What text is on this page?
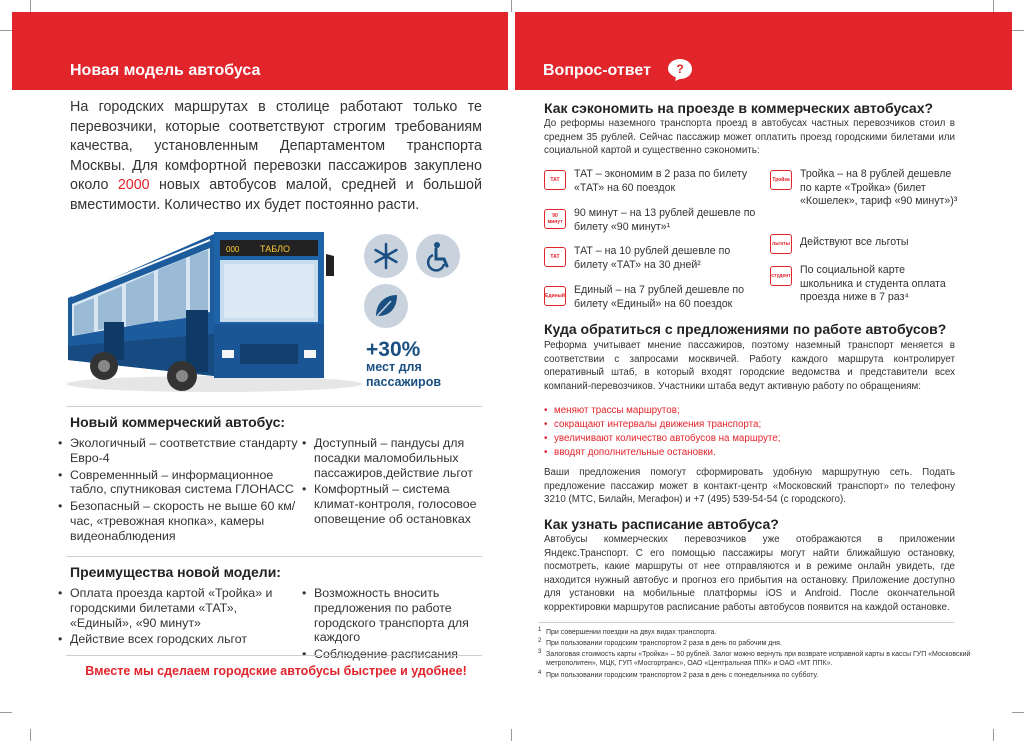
Новая модель автобуса
На городских маршрутах в столице работают только те перевозчики, которые соответствуют строгим требованиям качества, установленным Департаментом транспорта Москвы. Для комфортной перевозки пассажиров закуплено около 2000 новых автобусов малой, средней и большой вместимости. Количество их будет постоянно расти.
000 ТАБЛО
+30%
мест для пассажиров
Новый коммерческий автобус:
• Экологичный – соответствие стандарту Евро-4
• Современнный – информационное табло, спутниковая система ГЛОНАСС
• Безопасный – скорость не выше 60 км/час, «тревожная кнопка», камеры видеонаблюдения
• Доступный – пандусы для посадки маломобильных пассажиров,действие льгот
• Комфортный – система климат-контроля, голосовое оповещение об остановках
Преимущества новой модели:
• Оплата проезда картой «Тройка» и городскими билетами «ТАТ», «Единый», «90 минут»
• Действие всех городских льгот
• Возможность вносить предложения по работе городского транспорта для каждого
•
Вместе мы сделаем городские автобусы быстрее и удобнее!
Вопрос-ответ ?
Как сэкономить на проезде в коммерческих автобусах?
До реформы наземного транспорта проезд в автобусах частных перевозчиков стоил в среднем 35 рублей. Сейчас пассажир может оплатить проезд городскими билетами или социальной картой и существенно сэкономить:
ТАТ	ТАТ – экономим в 2 раза по билету «ТАТ» на 60 поездок
90 минут
90 минут – на 13 рублей дешевле по билету «90 минут»¹
ТАТ	ТАТ – на 10 рублей дешевле по билету «ТАТ» на 30 дней²
Единый Единый – на 7 рублей дешевле по билету «Единый» на 60 поездок
Тройка Тройка – на 8 рублей дешевле по карте «Тройка» (билет «Кошелек», тариф «90 минут»)³
льготы Действуют все льготы
студент По социальной карте школьника и студента оплата проезда ниже в 7 раз⁴
Куда обратиться с предложениями по работе автобусов?
Реформа учитывает мнение пассажиров, поэтому наземный транспорт меняется в соответствии с запросами москвичей. Работу каждого маршрута контролирует оперативный штаб, в который входят городские ведомства и представители всех компаний-перевозчиков. Участники штаба ведут активную работу по обращениям:
• меняют трассы маршрутов;
• сокращают интервалы движения транспорта;
• увеличивают количество автобусов на маршруте;
• вводят дополнительные остановки.
Ваши предложения помогут сформировать удобную маршрутную сеть. Подать предложение пассажир может в контакт-центр «Московский транспорт» по телефону 3210 (МТС, Билайн, Мегафон) и +7 (495) 539-54-54 (с городского).
Как узнать расписание автобуса?
Автобусы коммерческих перевозчиков уже отображаются в приложении Яндекс.Транспорт. С его помощью пассажиры могут найти ближайшую остановку, посмотреть, какие маршруты от нее отправляются и в режиме онлайн увидеть, где находится нужный автобус и прогноз его прибытия на остановку. Приложение доступно для установки на мобильные платформы iOS и Android. После окончательной корректировки маршрутов расписание работы автобусов появится на каждой остановке.
1 При совершении поездки на двух видах транспорта.
2 При пользовании городским транспортом 2 раза в день по рабочим дня.
3 Залоговая стоимость карты «Тройка» – 50 рублей. Залог можно вернуть при возврате исправной карты в кассы ГУП «Московский метрополитен», МЦК, ГУП «Мосгортранс», ОАО «Центральная ППК» и ОАО «МТ ППК».
4 При пользовании городским транспортом 2 раза в день с понедельника по субботу.
